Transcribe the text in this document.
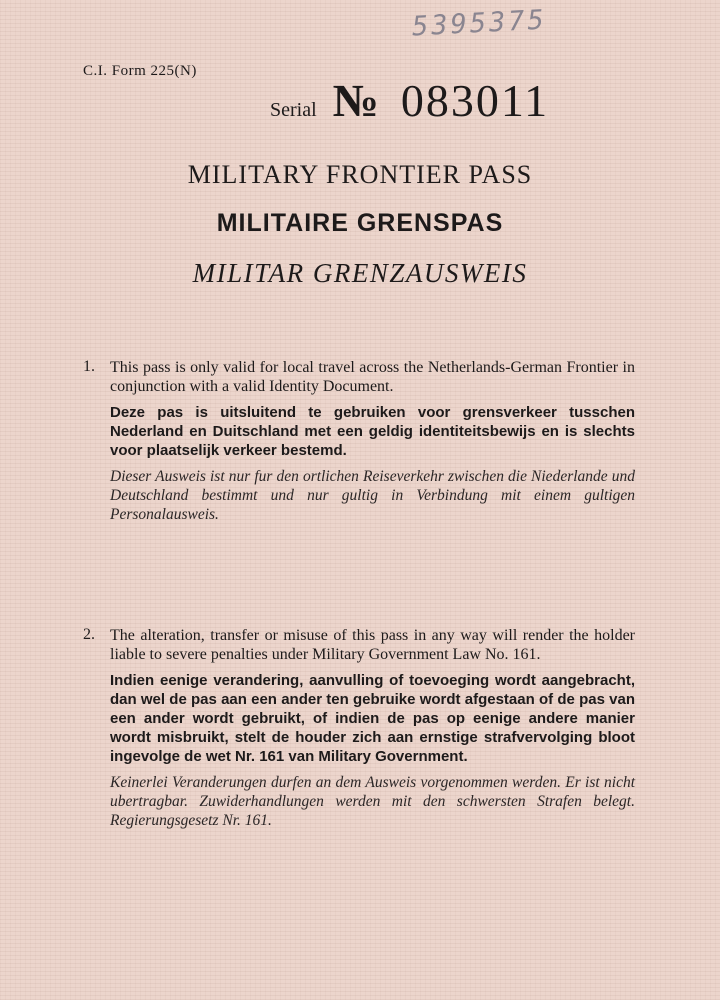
5395375
C.I. Form 225(N)
Serial № 083011
MILITARY FRONTIER PASS
MILITAIRE GRENSPAS
MILITAR GRENZAUSWEIS
1. This pass is only valid for local travel across the Netherlands-German Frontier in conjunction with a valid Identity Document.

Deze pas is uitsluitend te gebruiken voor grensverkeer tusschen Nederland en Duitschland met een geldig identiteitsbewijs en is slechts voor plaatselijk verkeer bestemd.

Dieser Ausweis ist nur fur den ortlichen Reiseverkehr zwischen die Niederlande und Deutschland bestimmt und nur gultig in Verbindung mit einem gultigen Personalausweis.

2. The alteration, transfer or misuse of this pass in any way will render the holder liable to severe penalties under Military Government Law No. 161.

Indien eenige verandering, aanvulling of toevoeging wordt aangebracht, dan wel de pas aan een ander ten gebruike wordt afgestaan of de pas van een ander wordt gebruikt, of indien de pas op eenige andere manier wordt misbruikt, stelt de houder zich aan ernstige strafvervolging bloot ingevolge de wet Nr. 161 van Military Government.

Keinerlei Veranderungen durfen an dem Ausweis vorgenommen werden. Er ist nicht ubertragbar. Zuwiderhandlungen werden mit den schwersten Strafen belegt. Regierungsgesetz Nr. 161.
